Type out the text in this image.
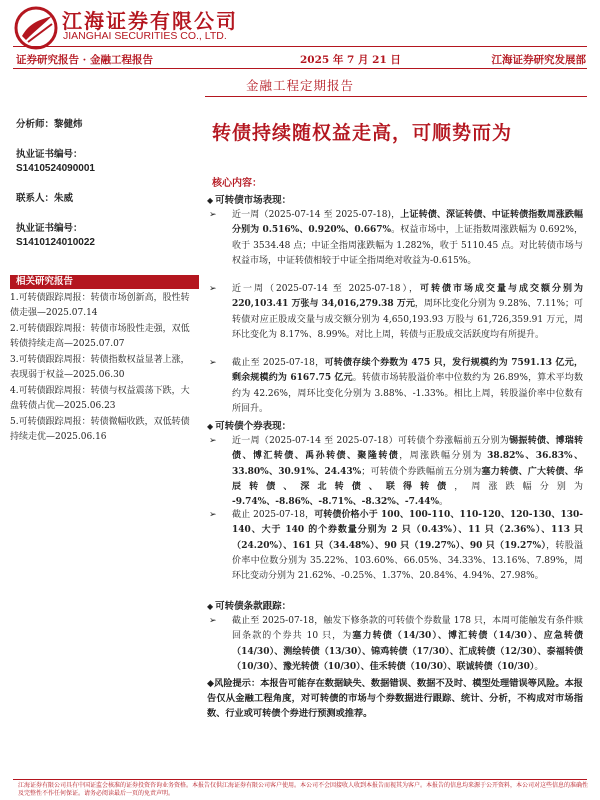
江海证券有限公司
JIANGHAI SECURITIES CO., LTD.
证券研究报告 · 金融工程报告	2025 年 7 月 21 日	江海证券研究发展部
金融工程定期报告
分析师：黎健炜
执业证书编号：
S1410524090001
联系人：朱威
执业证书编号：
S1410124010022
相关研究报告
1.可转债跟踪周报：转债市场创新高，股性转债走强—2025.07.14
2.可转债跟踪周报：转债市场股性走强，双低转债持续走高—2025.07.07
3.可转债跟踪周报：转债指数权益显著上涨，表现弱于权益—2025.06.30
4.可转债跟踪周报：转债与权益震荡下跌，大盘转债占优—2025.06.23
5.可转债跟踪周报：转债微幅收跌，双低转债持续走优—2025.06.16
转债持续随权益走高，可顺势而为
核心内容：
◆ 可转债市场表现：
➢ 近一周（2025-07-14 至 2025-07-18)，上证转债、深证转债、中证转债指数周涨跌幅分别为 0.516%、0.920%、0.667%。权益市场中，上证指数周涨跌幅为 0.692%，收于 3534.48 点；中证全指周涨跌幅为 1.282%，收于 5110.45 点。对比转债市场与权益市场，中证转债相较于中证全指周绝对收益为-0.615%。
➢ 近一周（2025-07-14 至 2025-07-18），可转债市场成交量与成交额分别为 220,103.41 万张与 34,016,279.38 万元，周环比变化分别为 9.28%、7.11%；可转债对应正股成交量与成交额分别为 4,650,193.93 万股与 61,726,359.91 万元，周环比变化为 8.17%、8.99%。对比上周，转债与正股成交活跃度均有所提升。
➢ 截止至 2025-07-18，可转债存续个券数为 475 只，发行规模约为 7591.13 亿元，剩余规模约为 6167.75 亿元。转债市场转股溢价率中位数约为 26.89%，算术平均数约为 42.26%，周环比变化分别为 3.88%、-1.33%。相比上周，转股溢价率中位数有所回升。
◆ 可转债个券表现：
➢ 近一周（2025-07-14 至 2025-07-18）可转债个券涨幅前五分别为锡振转债、博瑞转债、博汇转债、禹孙转债、聚隆转债，周涨跌幅分别为 38.82%、36.83%、33.80%、30.91%、24.43%；可转债个券跌幅前五分别为塞力转债、广大转债、华辰转债、深北转债、联得转债，周涨跌幅分别为 -9.74%、-8.86%、-8.71%、-8.32%、-7.44%。
➢ 截止 2025-07-18，可转债价格小于 100、100-110、110-120、120-130、130-140、大于 140 的个券数量分别为 2 只（0.43%）、11 只（2.36%）、113 只（24.20%）、161 只（34.48%）、90 只（19.27%）、90 只（19.27%），转股溢价率中位数分别为 35.22%、103.60%、66.05%、34.33%、13.16%、7.89%，周环比变动分别为 21.62%、-0.25%、1.37%、20.84%、4.94%、27.98%。
◆ 可转债条款跟踪：
➢ 截止至 2025-07-18，触发下修条款的可转债个券数量 178 只，本周可能触发有条件赎回条款的个券共 10 只，为塞力转债（14/30）、博汇转债（14/30）、应急转债（14/30）、测绘转债（13/30）、锦鸡转债（17/30）、汇成转债（12/30）、泰福转债（10/30）、豫光转债（10/30）、佳禾转债（10/30）、联诚转债（10/30）。
◆风险提示：本报告可能存在数据缺失、数据错误、数据不及时、模型处理错误等风险。本报告仅从金融工程角度，对可转债的市场与个券数据进行跟踪、统计、分析，不构成对市场指数、行业或可转债个券进行预测或推荐。
江海证券有限公司具有中国证监会核准的证券投资咨询业务资格。本报告仅供江海证券有限公司客户使用。本公司不会因接收人收到本报告而视其为客户。本报告的信息均来源于公开资料，本公司对这些信息的准确性及完整性不作任何保证。请务必阅读最后一页的免责声明。
